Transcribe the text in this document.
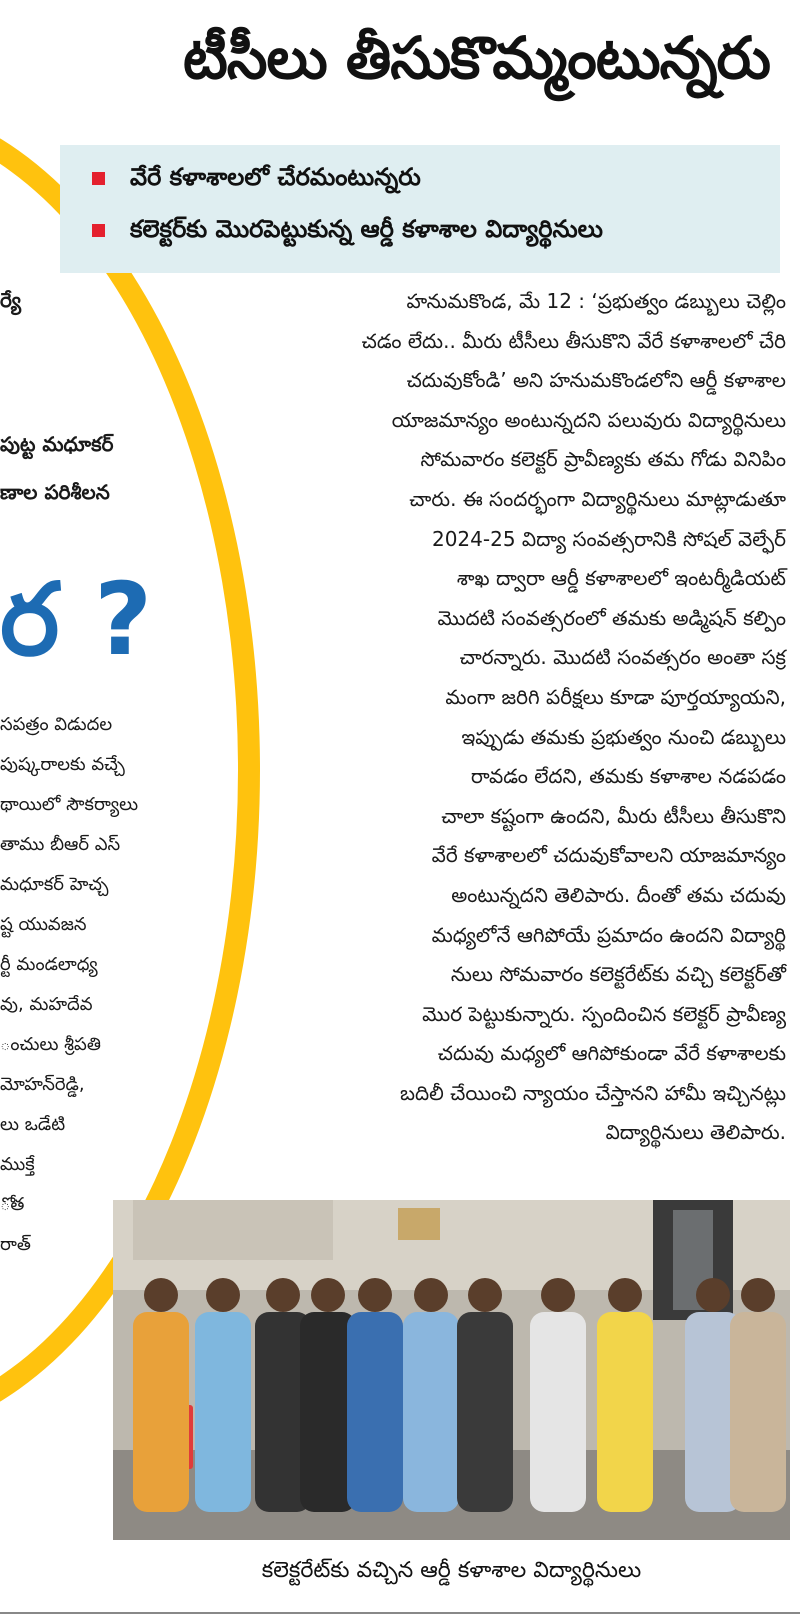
టీసీలు తీసుకొమ్మంటున్నరు
వేరే కళాశాలలో చేరమంటున్నరు
కలెక్టర్‌కు మొరపెట్టుకున్న ఆర్డీ కళాశాల విద్యార్థినులు
ర్యే
పుట్ట మధూకర్
ణాల పరిశీలన
ర ?
సపత్రం విడుదల
పుష్కరాలకు వచ్చే
థాయిలో సౌకర్యాలు
తాము బీఆర్ ఎస్
మధూకర్ హెచ్చ
ష్ట యువజన
ర్టీ మండలాధ్య
వు, మహదేవ
ంచులు శ్రీపతి
మోహన్‌రెడ్డి,
లు ఒడేటి
ముక్తే
ోత
రాత్
హనుమకొండ, మే 12 : ‘ప్రభుత్వం డబ్బులు చెల్లిం
చడం లేదు.. మీరు టీసీలు తీసుకొని వేరే కళాశాలలో చేరి
చదువుకోండి’ అని హనుమకొండలోని ఆర్డీ కళాశాల
యాజమాన్యం అంటున్నదని పలువురు విద్యార్థినులు
సోమవారం కలెక్టర్ ప్రావీణ్యకు తమ గోడు వినిపిం
చారు. ఈ సందర్భంగా విద్యార్థినులు మాట్లాడుతూ
2024-25 విద్యా సంవత్సరానికి సోషల్ వెల్ఫేర్
శాఖ ద్వారా ఆర్డీ కళాశాలలో ఇంటర్మీడియట్
మొదటి సంవత్సరంలో తమకు అడ్మిషన్ కల్పిం
చారన్నారు. మొదటి సంవత్సరం అంతా సక్ర
మంగా జరిగి పరీక్షలు కూడా పూర్తయ్యాయని,
ఇప్పుడు తమకు ప్రభుత్వం నుంచి డబ్బులు
రావడం లేదని, తమకు కళాశాల నడపడం
చాలా కష్టంగా ఉందని, మీరు టీసీలు తీసుకొని
వేరే కళాశాలలో చదువుకోవాలని యాజమాన్యం
అంటున్నదని తెలిపారు. దీంతో తమ చదువు
మధ్యలోనే ఆగిపోయే ప్రమాదం ఉందని విద్యార్థి
నులు సోమవారం కలెక్టరేట్‌కు వచ్చి కలెక్టర్‌తో
మొర పెట్టుకున్నారు. స్పందించిన కలెక్టర్ ప్రావీణ్య
చదువు మధ్యలో ఆగిపోకుండా వేరే కళాశాలకు
బదిలీ చేయించి న్యాయం చేస్తానని హామీ ఇచ్చినట్లు
విద్యార్థినులు తెలిపారు.
కలెక్టరేట్‌కు వచ్చిన ఆర్డీ కళాశాల విద్యార్థినులు
